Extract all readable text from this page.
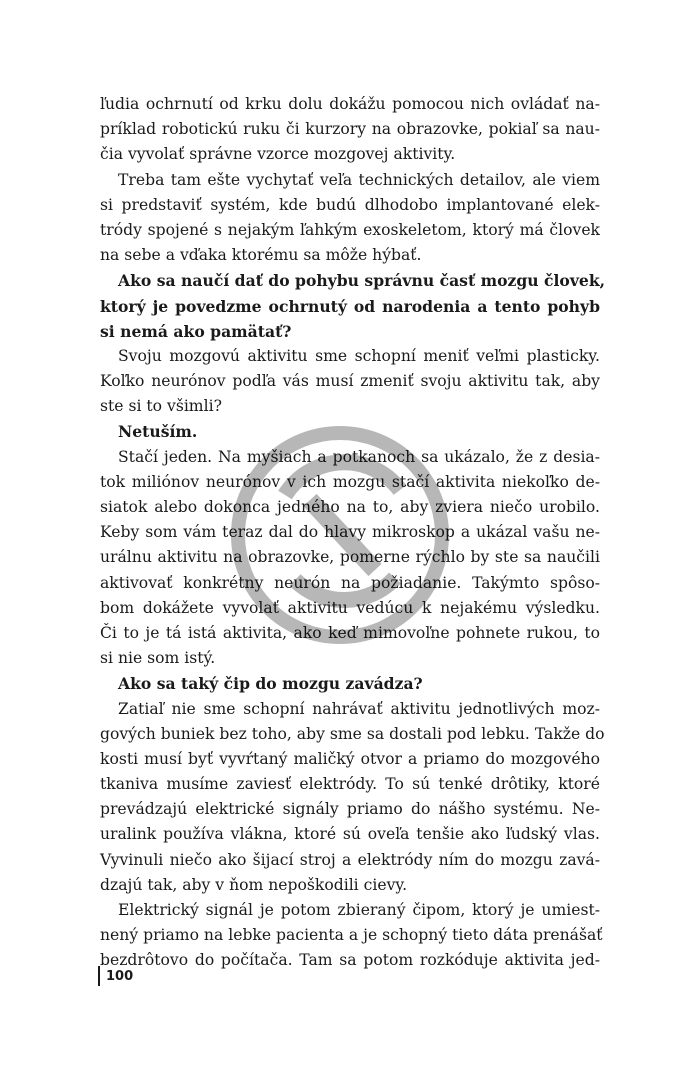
ľudia ochrnutí od krku dolu dokážu pomocou nich ovládať na-
príklad robotickú ruku či kurzory na obrazovke, pokiaľ sa nau-
čia vyvolať správne vzorce mozgovej aktivity.
Treba tam ešte vychytať veľa technických detailov, ale viem
si predstaviť systém, kde budú dlhodobo implantované elek-
tródy spojené s nejakým ľahkým exoskeletom, ktorý má človek
na sebe a vďaka ktorému sa môže hýbať.
Ako sa naučí dať do pohybu správnu časť mozgu človek,
ktorý je povedzme ochrnutý od narodenia a tento pohyb
si nemá ako pamätať?
Svoju mozgovú aktivitu sme schopní meniť veľmi plasticky.
Koľko neurónov podľa vás musí zmeniť svoju aktivitu tak, aby
ste si to všimli?
Netuším.
Stačí jeden. Na myšiach a potkanoch sa ukázalo, že z desia-
tok miliónov neurónov v ich mozgu stačí aktivita niekoľko de-
siatok alebo dokonca jedného na to, aby zviera niečo urobilo.
Keby som vám teraz dal do hlavy mikroskop a ukázal vašu ne-
urálnu aktivitu na obrazovke, pomerne rýchlo by ste sa naučili
aktivovať konkrétny neurón na požiadanie. Takýmto spôso-
bom dokážete vyvolať aktivitu vedúcu k nejakému výsledku.
Či to je tá istá aktivita, ako keď mimovoľne pohnete rukou, to
si nie som istý.
Ako sa taký čip do mozgu zavádza?
Zatiaľ nie sme schopní nahrávať aktivitu jednotlivých moz-
gových buniek bez toho, aby sme sa dostali pod lebku. Takže do
kosti musí byť vyvŕtaný maličký otvor a priamo do mozgového
tkaniva musíme zaviesť elektródy. To sú tenké drôtiky, ktoré
prevádzajú elektrické signály priamo do nášho systému. Ne-
uralink používa vlákna, ktoré sú oveľa tenšie ako ľudský vlas.
Vyvinuli niečo ako šijací stroj a elektródy ním do mozgu zavá-
dzajú tak, aby v ňom nepoškodili cievy.
Elektrický signál je potom zbieraný čipom, ktorý je umiest-
nený priamo na lebke pacienta a je schopný tieto dáta prenášať
bezdrôtovo do počítača. Tam sa potom rozkóduje aktivita jed-
100
